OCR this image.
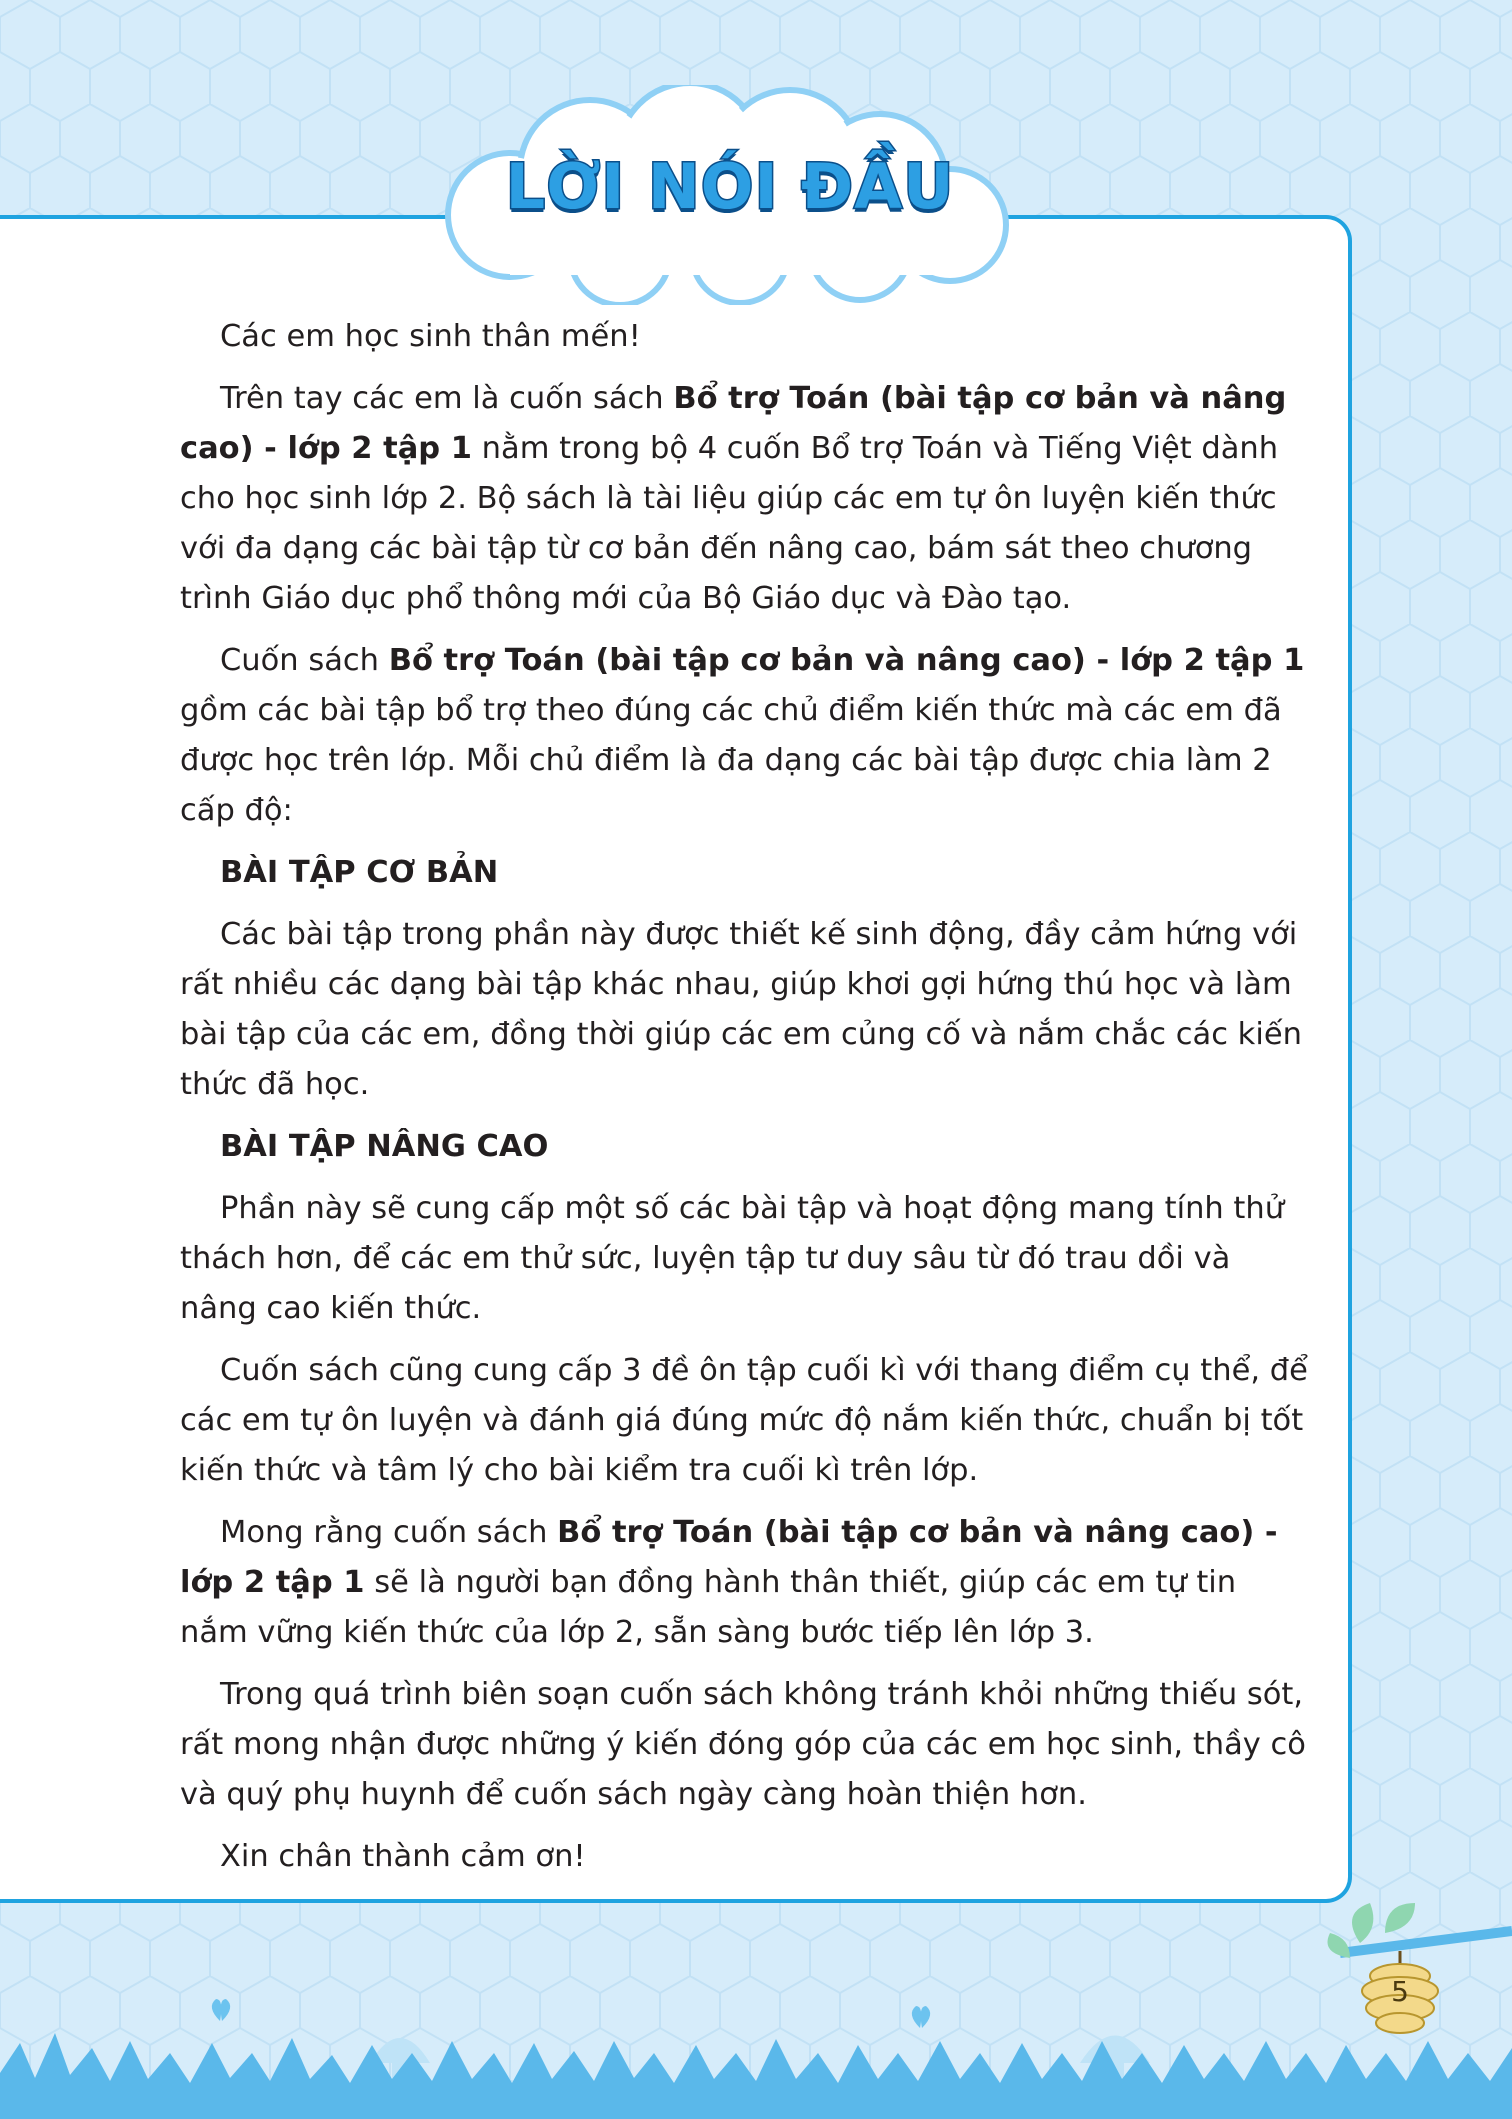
LỜI NÓI ĐẦU

Các em học sinh thân mến!

Trên tay các em là cuốn sách Bổ trợ Toán (bài tập cơ bản và nâng cao) - lớp 2 tập 1 nằm trong bộ 4 cuốn Bổ trợ Toán và Tiếng Việt dành cho học sinh lớp 2. Bộ sách là tài liệu giúp các em tự ôn luyện kiến thức với đa dạng các bài tập từ cơ bản đến nâng cao, bám sát theo chương trình Giáo dục phổ thông mới của Bộ Giáo dục và Đào tạo.

Cuốn sách Bổ trợ Toán (bài tập cơ bản và nâng cao) - lớp 2 tập 1 gồm các bài tập bổ trợ theo đúng các chủ điểm kiến thức mà các em đã được học trên lớp. Mỗi chủ điểm là đa dạng các bài tập được chia làm 2 cấp độ:

BÀI TẬP CƠ BẢN

Các bài tập trong phần này được thiết kế sinh động, đầy cảm hứng với rất nhiều các dạng bài tập khác nhau, giúp khơi gợi hứng thú học và làm bài tập của các em, đồng thời giúp các em củng cố và nắm chắc các kiến thức đã học.

BÀI TẬP NÂNG CAO

Phần này sẽ cung cấp một số các bài tập và hoạt động mang tính thử thách hơn, để các em thử sức, luyện tập tư duy sâu từ đó trau dồi và nâng cao kiến thức.

Cuốn sách cũng cung cấp 3 đề ôn tập cuối kì với thang điểm cụ thể, để các em tự ôn luyện và đánh giá đúng mức độ nắm kiến thức, chuẩn bị tốt kiến thức và tâm lý cho bài kiểm tra cuối kì trên lớp.

Mong rằng cuốn sách Bổ trợ Toán (bài tập cơ bản và nâng cao) - lớp 2 tập 1 sẽ là người bạn đồng hành thân thiết, giúp các em tự tin nắm vững kiến thức của lớp 2, sẵn sàng bước tiếp lên lớp 3.

Trong quá trình biên soạn cuốn sách không tránh khỏi những thiếu sót, rất mong nhận được những ý kiến đóng góp của các em học sinh, thầy cô và quý phụ huynh để cuốn sách ngày càng hoàn thiện hơn.

Xin chân thành cảm ơn!

5
